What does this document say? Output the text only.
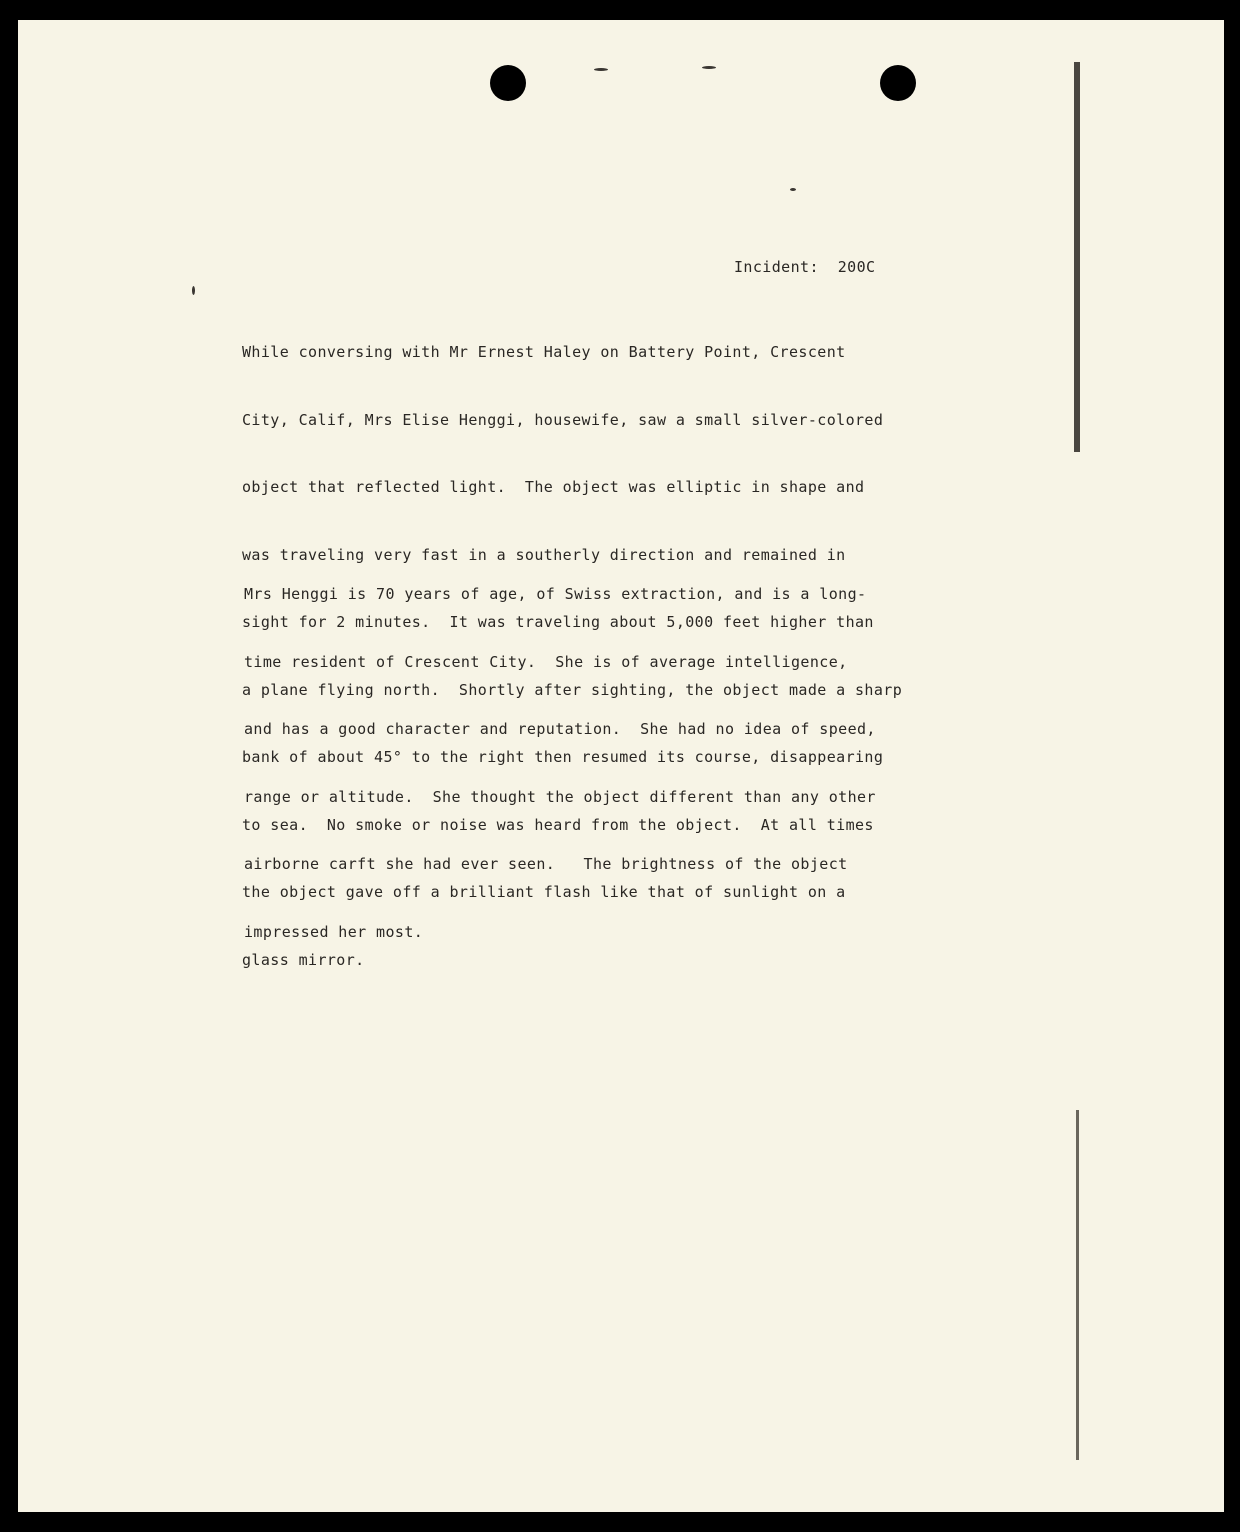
Incident:  200C

While conversing with Mr Ernest Haley on Battery Point, Crescent

City, Calif, Mrs Elise Henggi, housewife, saw a small silver-colored

object that reflected light.  The object was elliptic in shape and

was traveling very fast in a southerly direction and remained in

sight for 2 minutes.  It was traveling about 5,000 feet higher than

a plane flying north.  Shortly after sighting, the object made a sharp

bank of about 45° to the right then resumed its course, disappearing

to sea.  No smoke or noise was heard from the object.  At all times

the object gave off a brilliant flash like that of sunlight on a

glass mirror.

Mrs Henggi is 70 years of age, of Swiss extraction, and is a long-

time resident of Crescent City.  She is of average intelligence,

and has a good character and reputation.  She had no idea of speed,

range or altitude.  She thought the object different than any other

airborne carft she had ever seen.   The brightness of the object

impressed her most.
